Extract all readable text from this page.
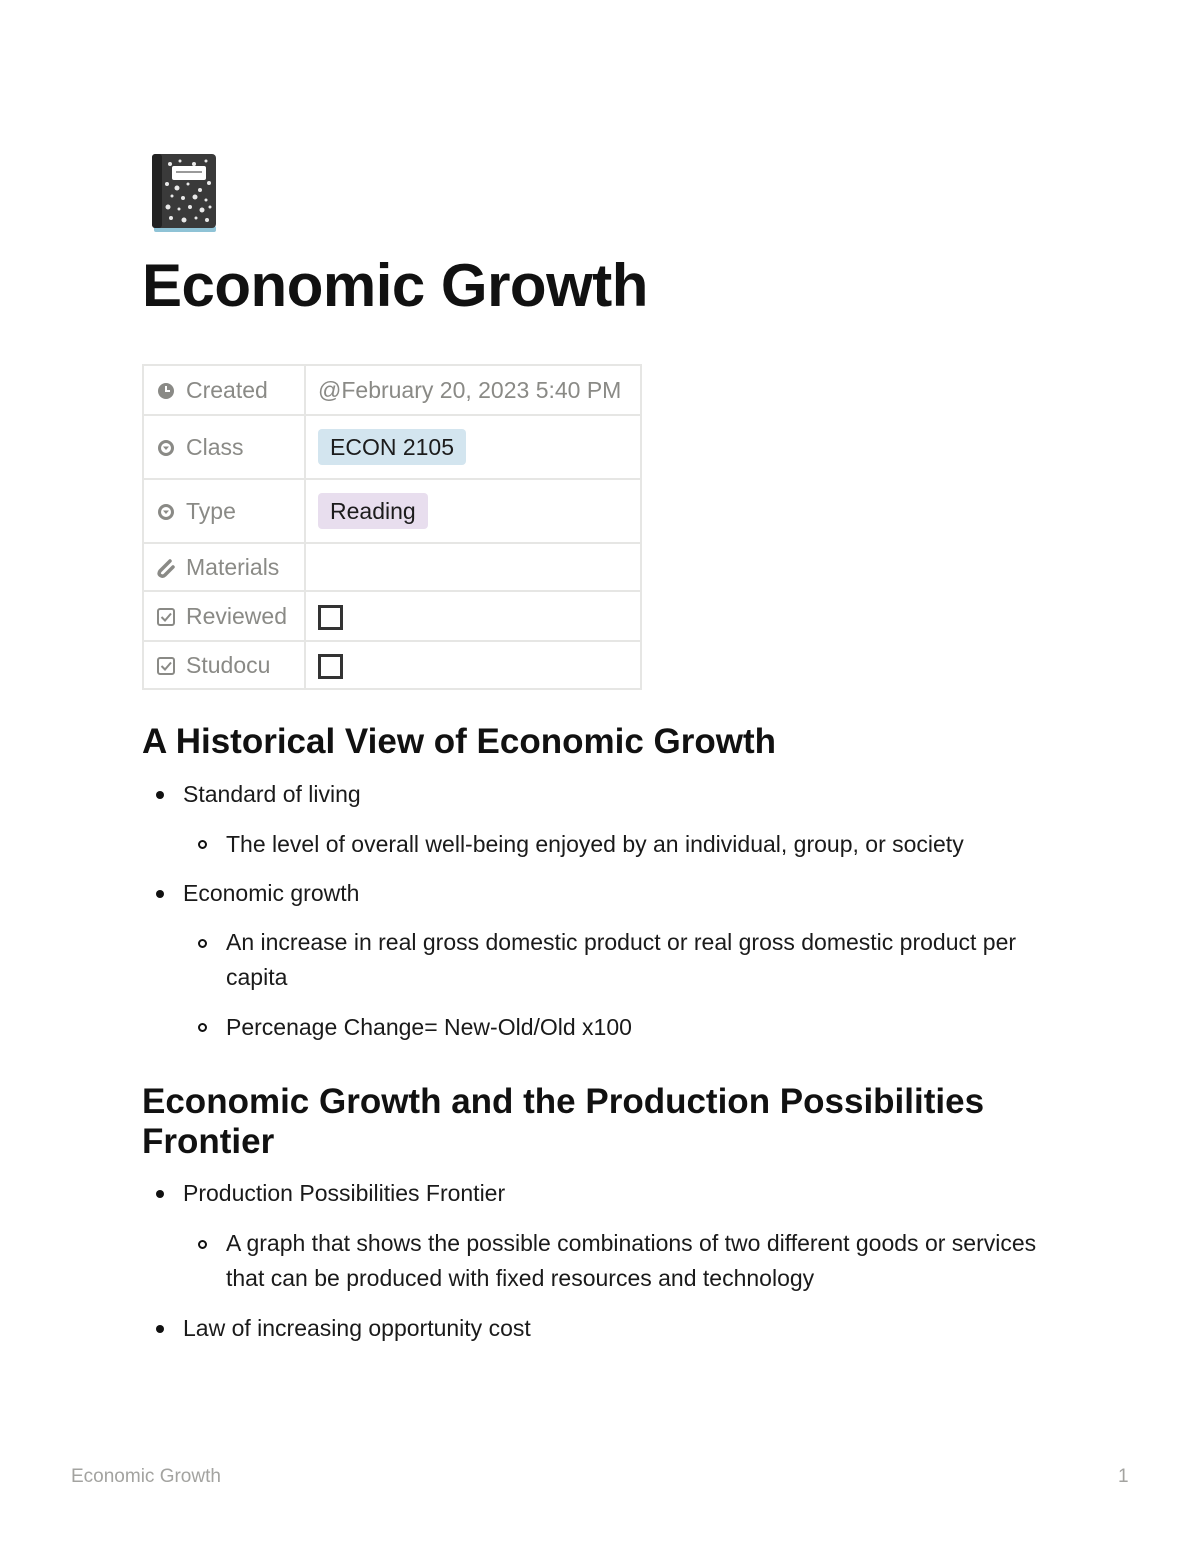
Economic Growth
Created	@February 20, 2023 5:40 PM
Class	ECON 2105
Type	Reading
Materials	
Reviewed	
Studocu	
A Historical View of Economic Growth
Standard of living
The level of overall well-being enjoyed by an individual, group, or society
Economic growth
An increase in real gross domestic product or real gross domestic product per capita
Percenage Change= New-Old/Old x100
Economic Growth and the Production Possibilities Frontier
Production Possibilities Frontier
A graph that shows the possible combinations of two different goods or services that can be produced with fixed resources and technology
Law of increasing opportunity cost
Economic Growth	1
